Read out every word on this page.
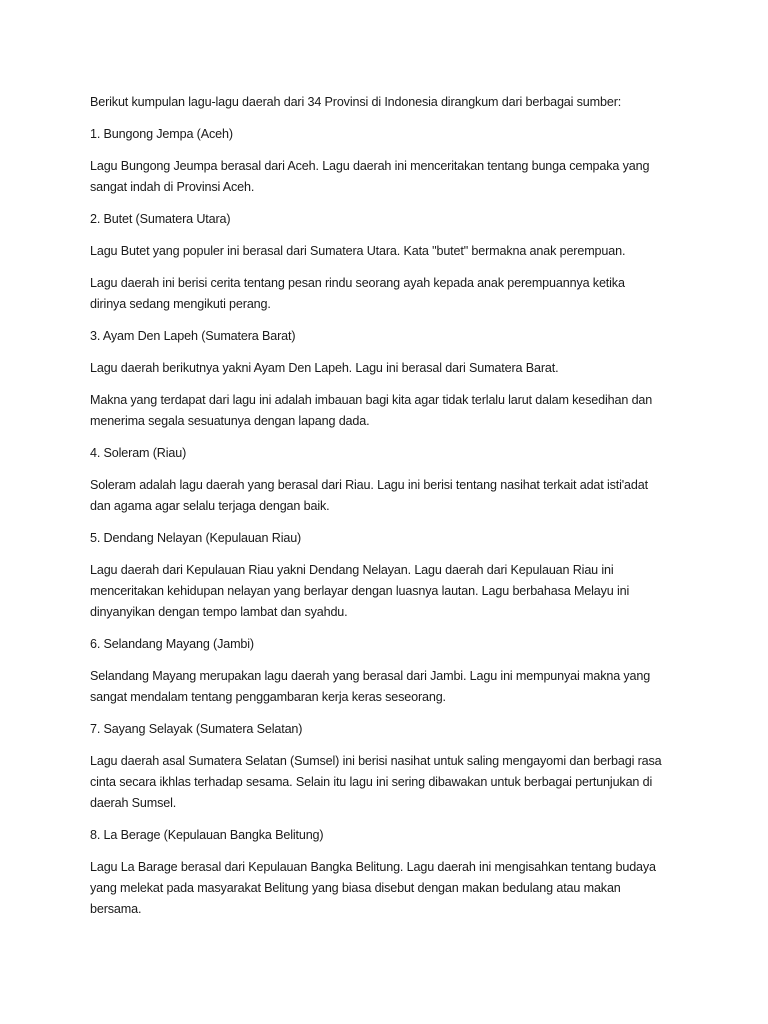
Berikut kumpulan lagu-lagu daerah dari 34 Provinsi di Indonesia dirangkum dari berbagai sumber:

1. Bungong Jempa (Aceh)

Lagu Bungong Jeumpa berasal dari Aceh. Lagu daerah ini menceritakan tentang bunga cempaka yang
sangat indah di Provinsi Aceh.

2. Butet (Sumatera Utara)

Lagu Butet yang populer ini berasal dari Sumatera Utara. Kata "butet" bermakna anak perempuan.

Lagu daerah ini berisi cerita tentang pesan rindu seorang ayah kepada anak perempuannya ketika
dirinya sedang mengikuti perang.

3. Ayam Den Lapeh (Sumatera Barat)

Lagu daerah berikutnya yakni Ayam Den Lapeh. Lagu ini berasal dari Sumatera Barat.

Makna yang terdapat dari lagu ini adalah imbauan bagi kita agar tidak terlalu larut dalam kesedihan dan
menerima segala sesuatunya dengan lapang dada.

4. Soleram (Riau)

Soleram adalah lagu daerah yang berasal dari Riau. Lagu ini berisi tentang nasihat terkait adat isti'adat
dan agama agar selalu terjaga dengan baik.

5. Dendang Nelayan (Kepulauan Riau)

Lagu daerah dari Kepulauan Riau yakni Dendang Nelayan. Lagu daerah dari Kepulauan Riau ini
menceritakan kehidupan nelayan yang berlayar dengan luasnya lautan. Lagu berbahasa Melayu ini
dinyanyikan dengan tempo lambat dan syahdu.

6. Selandang Mayang (Jambi)

Selandang Mayang merupakan lagu daerah yang berasal dari Jambi. Lagu ini mempunyai makna yang
sangat mendalam tentang penggambaran kerja keras seseorang.

7. Sayang Selayak (Sumatera Selatan)

Lagu daerah asal Sumatera Selatan (Sumsel) ini berisi nasihat untuk saling mengayomi dan berbagi rasa
cinta secara ikhlas terhadap sesama. Selain itu lagu ini sering dibawakan untuk berbagai pertunjukan di
daerah Sumsel.

8. La Berage (Kepulauan Bangka Belitung)

Lagu La Barage berasal dari Kepulauan Bangka Belitung. Lagu daerah ini mengisahkan tentang budaya
yang melekat pada masyarakat Belitung yang biasa disebut dengan makan bedulang atau makan
bersama.
